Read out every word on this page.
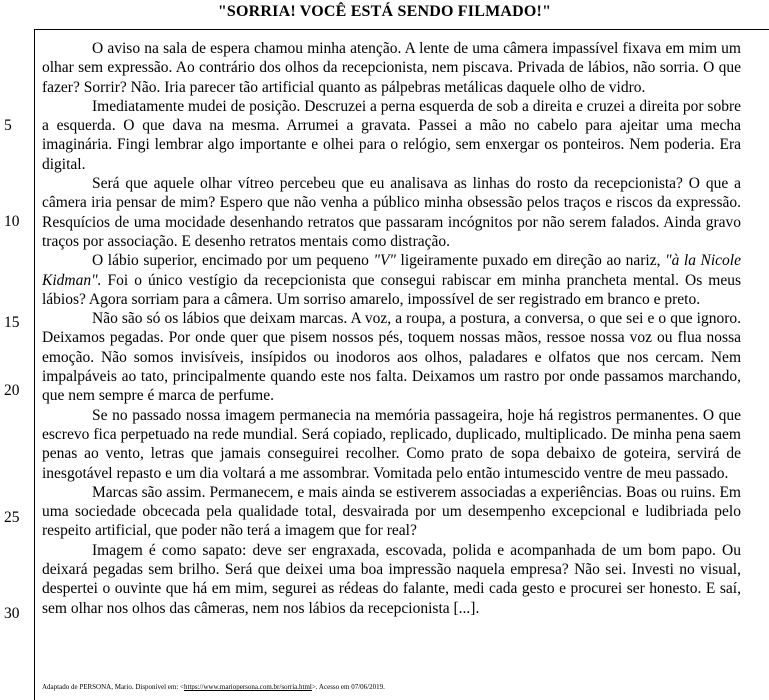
"SORRIA! VOCÊ ESTÁ SENDO FILMADO!"
5
10
15
20
25
30

O aviso na sala de espera chamou minha atenção. A lente de uma câmera impassível fixava em mim um olhar sem expressão. Ao contrário dos olhos da recepcionista, nem piscava. Privada de lábios, não sorria. O que fazer? Sorrir? Não. Iria parecer tão artificial quanto as pálpebras metálicas daquele olho de vidro.

Imediatamente mudei de posição. Descruzei a perna esquerda de sob a direita e cruzei a direita por sobre a esquerda. O que dava na mesma. Arrumei a gravata. Passei a mão no cabelo para ajeitar uma mecha imaginária. Fingi lembrar algo importante e olhei para o relógio, sem enxergar os ponteiros. Nem poderia. Era digital.

Será que aquele olhar vítreo percebeu que eu analisava as linhas do rosto da recepcionista? O que a câmera iria pensar de mim? Espero que não venha a público minha obsessão pelos traços e riscos da expressão. Resquícios de uma mocidade desenhando retratos que passaram incógnitos por não serem falados. Ainda gravo traços por associação. E desenho retratos mentais como distração.

O lábio superior, encimado por um pequeno "V" ligeiramente puxado em direção ao nariz, "à la Nicole Kidman". Foi o único vestígio da recepcionista que consegui rabiscar em minha prancheta mental. Os meus lábios? Agora sorriam para a câmera. Um sorriso amarelo, impossível de ser registrado em branco e preto.

Não são só os lábios que deixam marcas. A voz, a roupa, a postura, a conversa, o que sei e o que ignoro. Deixamos pegadas. Por onde quer que pisem nossos pés, toquem nossas mãos, ressoe nossa voz ou flua nossa emoção. Não somos invisíveis, insípidos ou inodoros aos olhos, paladares e olfatos que nos cercam. Nem impalpáveis ao tato, principalmente quando este nos falta. Deixamos um rastro por onde passamos marchando, que nem sempre é marca de perfume.

Se no passado nossa imagem permanecia na memória passageira, hoje há registros permanentes. O que escrevo fica perpetuado na rede mundial. Será copiado, replicado, duplicado, multiplicado. De minha pena saem penas ao vento, letras que jamais conseguirei recolher. Como prato de sopa debaixo de goteira, servirá de inesgotável repasto e um dia voltará a me assombrar. Vomitada pelo então intumescido ventre de meu passado.

Marcas são assim. Permanecem, e mais ainda se estiverem associadas a experiências. Boas ou ruins. Em uma sociedade obcecada pela qualidade total, desvairada por um desempenho excepcional e ludibriada pelo respeito artificial, que poder não terá a imagem que for real?

Imagem é como sapato: deve ser engraxada, escovada, polida e acompanhada de um bom papo. Ou deixará pegadas sem brilho. Será que deixei uma boa impressão naquela empresa? Não sei. Investi no visual, despertei o ouvinte que há em mim, segurei as rédeas do falante, medi cada gesto e procurei ser honesto. E saí, sem olhar nos olhos das câmeras, nem nos lábios da recepcionista [...].

Adaptado de PERSONA, Mario. Disponível em: <https://www.mariopersona.com.br/sorria.html>. Acesso em 07/06/2019.
